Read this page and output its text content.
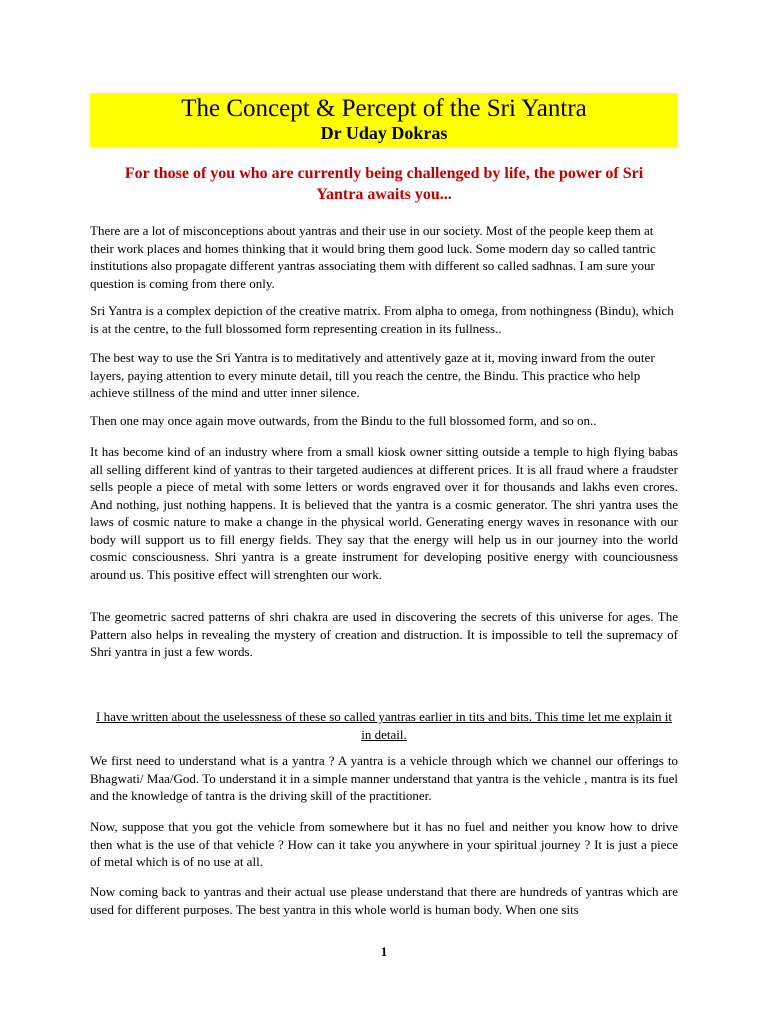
The Concept & Percept of the Sri Yantra
Dr Uday Dokras
For those of you who are currently being challenged by life, the power of Sri Yantra awaits you...

There are a lot of misconceptions about yantras and their use in our society. Most of the people keep them at their work places and homes thinking that it would bring them good luck. Some modern day so called tantric institutions also propagate different yantras associating them with different so called sadhnas. I am sure your question is coming from there only.

Sri Yantra is a complex depiction of the creative matrix. From alpha to omega, from nothingness (Bindu), which is at the centre, to the full blossomed form representing creation in its fullness..

The best way to use the Sri Yantra is to meditatively and attentively gaze at it, moving inward from the outer layers, paying attention to every minute detail, till you reach the centre, the Bindu. This practice who help achieve stillness of the mind and utter inner silence.

Then one may once again move outwards, from the Bindu to the full blossomed form, and so on..

It has become kind of an industry where from a small kiosk owner sitting outside a temple to high flying babas all selling different kind of yantras to their targeted audiences at different prices. It is all fraud where a fraudster sells people a piece of metal with some letters or words engraved over it for thousands and lakhs even crores. And nothing, just nothing happens. It is believed that the yantra is a cosmic generator. The shri yantra uses the laws of cosmic nature to make a change in the physical world. Generating energy waves in resonance with our body will support us to fill energy fields. They say that the energy will help us in our journey into the world cosmic consciousness. Shri yantra is a greate instrument for developing positive energy with counciousness around us. This positive effect will strenghten our work.

The geometric sacred patterns of shri chakra are used in discovering the secrets of this universe for ages. The Pattern also helps in revealing the mystery of creation and distruction. It is impossible to tell the supremacy of Shri yantra in just a few words.

I have written about the uselessness of these so called yantras earlier in tits and bits. This time let me explain it in detail.

We first need to understand what is a yantra ? A yantra is a vehicle through which we channel our offerings to Bhagwati/ Maa/God. To understand it in a simple manner understand that yantra is the vehicle , mantra is its fuel and the knowledge of tantra is the driving skill of the practitioner.

Now, suppose that you got the vehicle from somewhere but it has no fuel and neither you know how to drive then what is the use of that vehicle ? How can it take you anywhere in your spiritual journey ? It is just a piece of metal which is of no use at all.

Now coming back to yantras and their actual use please understand that there are hundreds of yantras which are used for different purposes. The best yantra in this whole world is human body. When one sits

1
